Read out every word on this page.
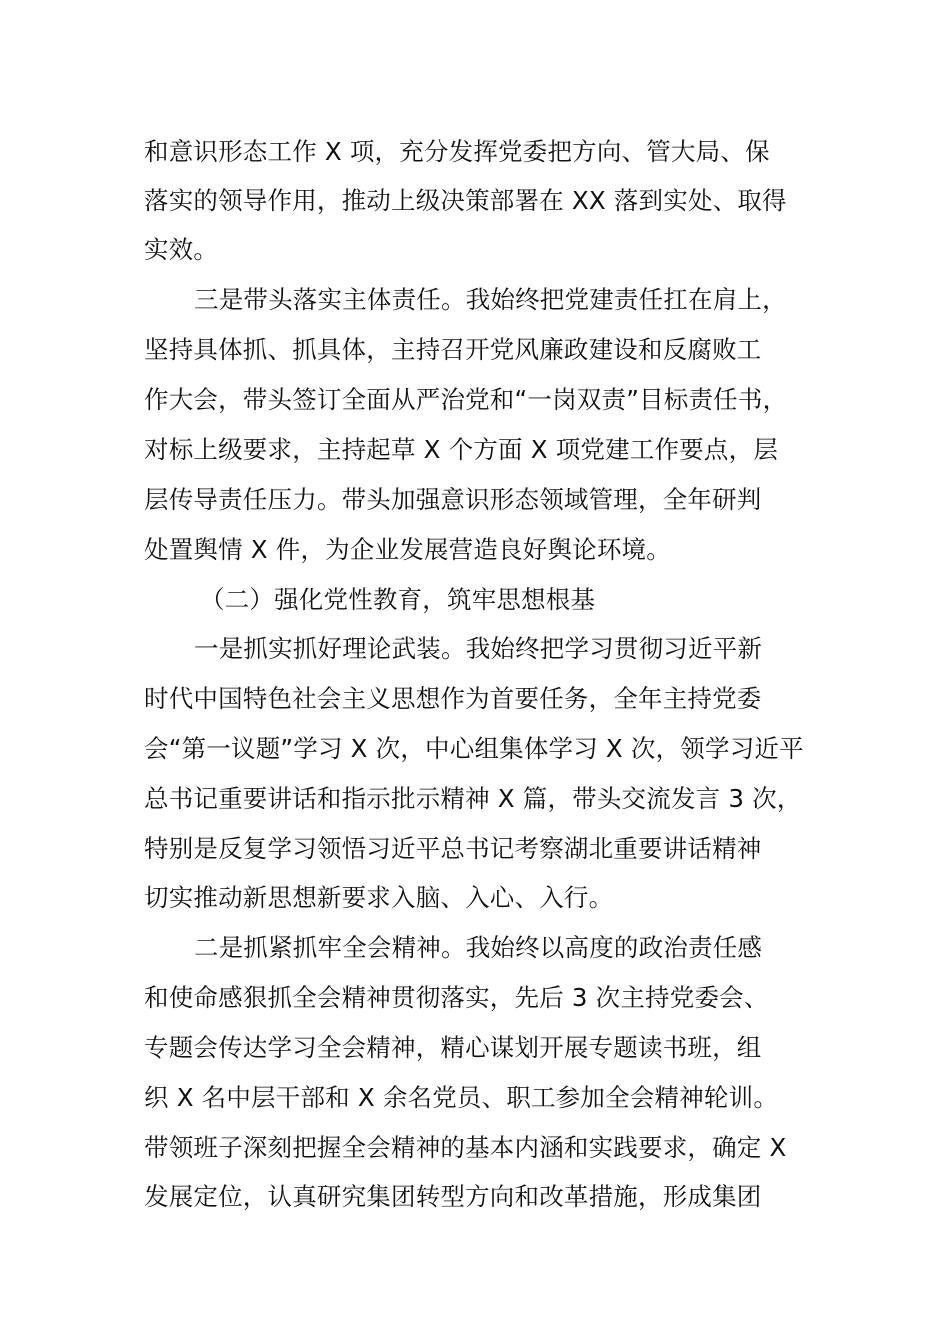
和意识形态工作 X 项，充分发挥党委把方向、管大局、保
落实的领导作用，推动上级决策部署在 XX 落到实处、取得
实效。
三是带头落实主体责任。我始终把党建责任扛在肩上，
坚持具体抓、抓具体，主持召开党风廉政建设和反腐败工
作大会，带头签订全面从严治党和“一岗双责”目标责任书，
对标上级要求，主持起草 X 个方面 X 项党建工作要点，层
层传导责任压力。带头加强意识形态领域管理，全年研判
处置舆情 X 件，为企业发展营造良好舆论环境。
（二）强化党性教育，筑牢思想根基
一是抓实抓好理论武装。我始终把学习贯彻习近平新
时代中国特色社会主义思想作为首要任务，全年主持党委
会“第一议题”学习 X 次，中心组集体学习 X 次，领学习近平
总书记重要讲话和指示批示精神 X 篇，带头交流发言 3 次，
特别是反复学习领悟习近平总书记考察湖北重要讲话精神
切实推动新思想新要求入脑、入心、入行。
二是抓紧抓牢全会精神。我始终以高度的政治责任感
和使命感狠抓全会精神贯彻落实，先后 3 次主持党委会、
专题会传达学习全会精神，精心谋划开展专题读书班，组
织 X 名中层干部和 X 余名党员、职工参加全会精神轮训。
带领班子深刻把握全会精神的基本内涵和实践要求，确定 X
发展定位，认真研究集团转型方向和改革措施，形成集团
